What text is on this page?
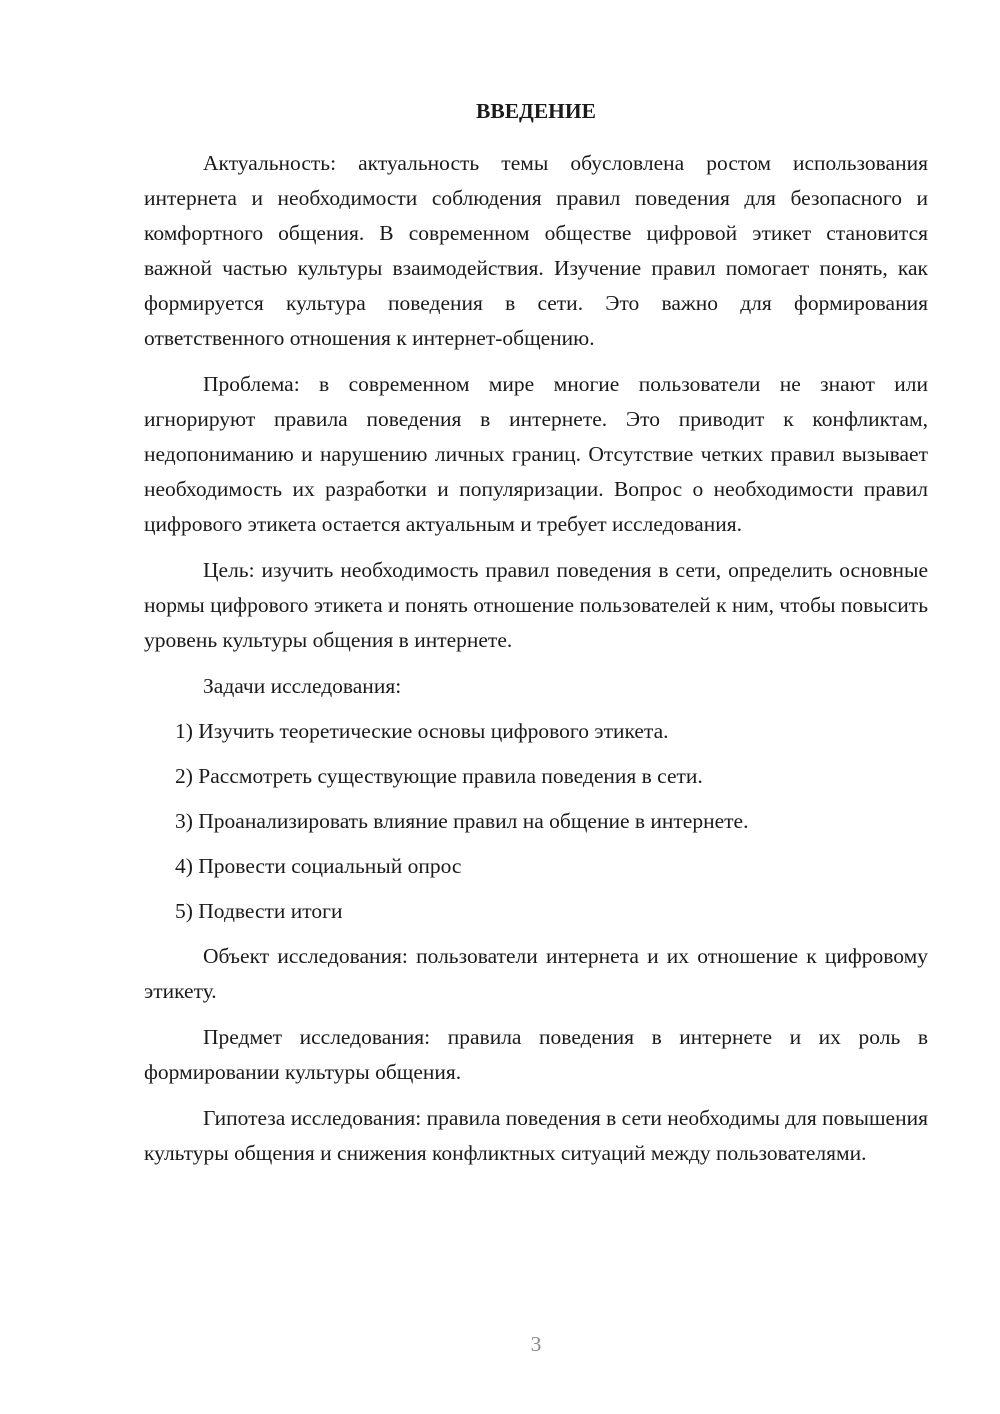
ВВЕДЕНИЕ

Актуальность: актуальность темы обусловлена ростом использования интернета и необходимости соблюдения правил поведения для безопасного и комфортного общения. В современном обществе цифровой этикет становится важной частью культуры взаимодействия. Изучение правил помогает понять, как формируется культура поведения в сети. Это важно для формирования ответственного отношения к интернет-общению.

Проблема: в современном мире многие пользователи не знают или игнорируют правила поведения в интернете. Это приводит к конфликтам, недопониманию и нарушению личных границ. Отсутствие четких правил вызывает необходимость их разработки и популяризации. Вопрос о необходимости правил цифрового этикета остается актуальным и требует исследования.

Цель: изучить необходимость правил поведения в сети, определить основные нормы цифрового этикета и понять отношение пользователей к ним, чтобы повысить уровень культуры общения в интернете.

Задачи исследования:

1) Изучить теоретические основы цифрового этикета.

2) Рассмотреть существующие правила поведения в сети.

3) Проанализировать влияние правил на общение в интернете.

4) Провести социальный опрос

5) Подвести итоги

Объект исследования: пользователи интернета и их отношение к цифровому этикету.

Предмет исследования: правила поведения в интернете и их роль в формировании культуры общения.

Гипотеза исследования: правила поведения в сети необходимы для повышения культуры общения и снижения конфликтных ситуаций между пользователями.

3
